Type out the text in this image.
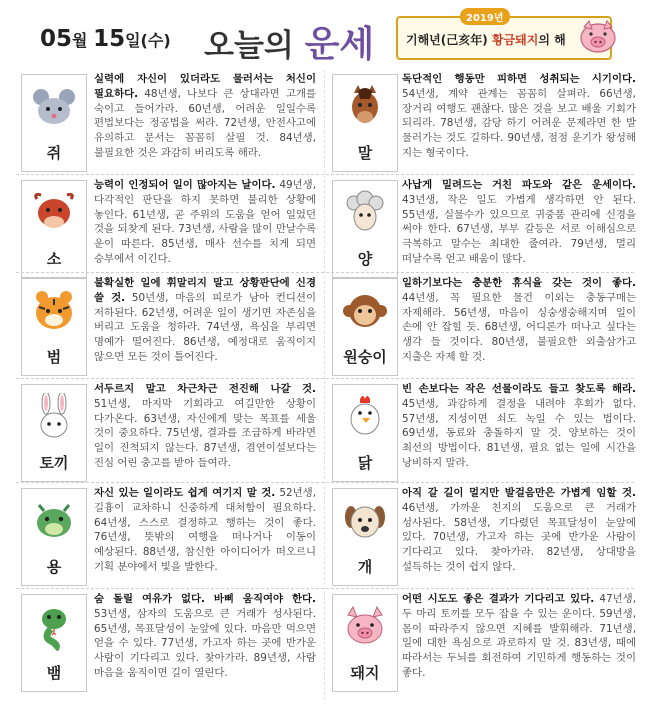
05월 15일(수) 오늘의 운세
2019년
기해년(己亥年) 황금돼지의 해
쥐
실력에 자신이 있더라도 물러서는 처신이 필요하다. 48년생, 나보다 큰 상대라면 고개를 숙이고 들어가라. 60년생, 어려운 일일수록 편법보다는 정공법을 써라. 72년생, 안전사고에 유의하고 문서는 꼼꼼히 살필 것. 84년생, 불필요한 것은 과감히 버리도록 해라.	말
독단적인 행동만 피하면 성취되는 시기이다. 54년생, 계약 관계는 꼼꼼히 살펴라. 66년생, 장거리 여행도 괜찮다. 많은 것을 보고 배울 기회가 되리라. 78년생, 감당 하기 어려운 문제라면 한 발 물러가는 것도 길하다. 90년생, 점점 운기가 왕성해 지는 형국이다.
소
능력이 인정되어 일이 많아지는 날이다. 49년생, 다각적인 판단을 하지 못하면 불리한 상황에 놓인다. 61년생, 곧 주위의 도움을 얻어 일었던 것을 되찾게 된다. 73년생, 사람을 많이 만날수록 운이 따른다. 85년생, 매사 선수를 치게 되면 승부에서 이긴다.	양
사납게 밀려드는 거친 파도와 같은 운세이다. 43년생, 작은 일도 가볍게 생각하면 안 된다. 55년생, 실물수가 있으므로 귀중품 관리에 신경을 써야 한다. 67년생, 부부 갈등은 서로 이해심으로 극복하고 말수는 최대한 줄여라. 79년생, 멀리 떠날수록 얻고 배움이 많다.
범
불확실한 일에 휘말리지 말고 상황판단에 신경 쓸 것. 50년생, 마음의 피로가 남아 컨디션이 저하된다. 62년생, 어려운 일이 생기면 자존심을 버리고 도움을 청하라. 74년생, 욕심을 부리면 명예가 떨어진다. 86년생, 예정대로 움직이지 않으면 모든 것이 틀어진다.	원숭이
일하기보다는 충분한 휴식을 갖는 것이 좋다. 44년생, 꼭 필요한 물건 이외는 충동구매는 자제해라. 56년생, 마음이 싱숭생숭해지며 일이 손에 안 잡힐 듯. 68년생, 어디론가 떠나고 싶다는 생각 들 것이다. 80년생, 불필요한 외출삼가고 지출은 자제 할 것.
토끼
서두르지 말고 차근차근 전진해 나갈 것. 51년생, 마지막 기회라고 여길만한 상황이 다가온다. 63년생, 자신에게 맞는 목표를 세울 것이 중요하다. 75년생, 결과를 조급하게 바라면 일이 진척되지 않는다. 87년생, 겸연이설보다는 진심 어린 충고를 받아 들여라.	닭
빈 손보다는 작은 선물이라도 들고 찾도록 해라. 45년생, 과감하게 결정을 내려야 후회가 없다. 57년생, 지성이면 쇠도 녹일 수 있는 법이다. 69년생, 동료와 충돌하지 말 것. 양보하는 것이 최선의 방법이다. 81년생, 필요 없는 일에 시간을 낭비하지 말라.
용
자신 있는 일이라도 쉽게 여기지 말 것. 52년생, 길흉이 교차하니 신중하게 대처함이 필요하다. 64년생, 스스로 결정하고 행하는 것이 좋다. 76년생, 뜻밖의 여행을 떠나거나 이동이 예상된다. 88년생, 참신한 아이디어가 떠오르니 기획 분야에서 빛을 발한다.	개
아직 갈 길이 멀지만 발걸음만은 가볍게 임할 것. 46년생, 가까운 친지의 도움으로 큰 거래가 성사된다. 58년생, 기다렸던 목표달성이 눈앞에 있다. 70년생, 가고자 하는 곳에 반가운 사람이 기다리고 있다. 찾아가라. 82년생, 상대방을 설득하는 것이 쉽지 않다.
뱀
숨 돌릴 여유가 없다. 바삐 움직여야 한다. 53년생, 삼자의 도움으로 큰 거래가 성사된다. 65년생, 목표달성이 눈앞에 있다. 마음만 먹으면 얻을 수 있다. 77년생, 가고자 하는 곳에 반가운 사람이 기다리고 있다. 찾아가라. 89년생, 사람 마음을 움직이면 길이 열린다.	돼지
어떤 시도도 좋은 결과가 기다리고 있다. 47년생, 두 마리 토끼를 모두 잡을 수 있는 운이다. 59년생, 몸이 따라주지 않으면 지혜를 발휘해라. 71년생, 일에 대한 욕심으로 과로하지 말 것. 83년생, 때에 따라서는 두뇌를 회전하여 기민하게 행동하는 것이 좋다.
